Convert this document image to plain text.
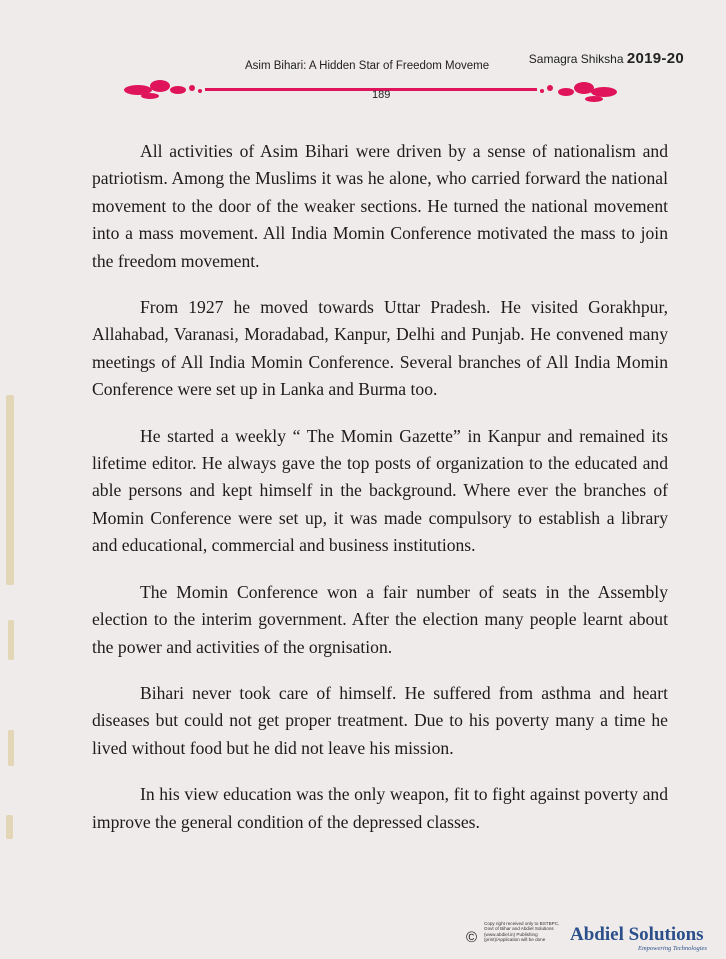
Asim Bihari: A Hidden Star of Freedom Moveme	Samagra Shiksha 2019-20
189

All activities of Asim Bihari were driven by a sense of nationalism and patriotism. Among the Muslims it was he alone, who carried forward the national movement to the door of the weaker sections. He turned the national movement into a mass movement. All India Momin Conference motivated the mass to join the freedom movement.

From 1927 he moved towards Uttar Pradesh. He visited Gorakhpur, Allahabad, Varanasi, Moradabad, Kanpur, Delhi and Punjab. He convened many meetings of All India Momin Conference. Several branches of All India Momin Conference were set up in Lanka and Burma too.

He started a weekly “ The Momin Gazette” in Kanpur and remained its lifetime editor. He always gave the top posts of organization to the educated and able persons and kept himself in the background. Where ever the branches of Momin Conference were set up, it was made compulsory to establish a library and educational, commercial and business institutions.

The Momin Conference won a fair number of seats in the Assembly election to the interim government. After the election many people learnt about the power and activities of the orgnisation.

Bihari never took care of himself. He suffered from asthma and heart diseases but could not get proper treatment. Due to his poverty many a time he lived without food but he did not leave his mission.

In his view education was the only weapon, fit to fight against poverty and improve the general condition of the depressed classes.

©
Copy right received only to BSTBPC, Govt of Bihar and Abdiel Solutions (www.abdiel.in) Publishing (print)/Application will be done	Abdiel Solutions
Empowering Technologies
